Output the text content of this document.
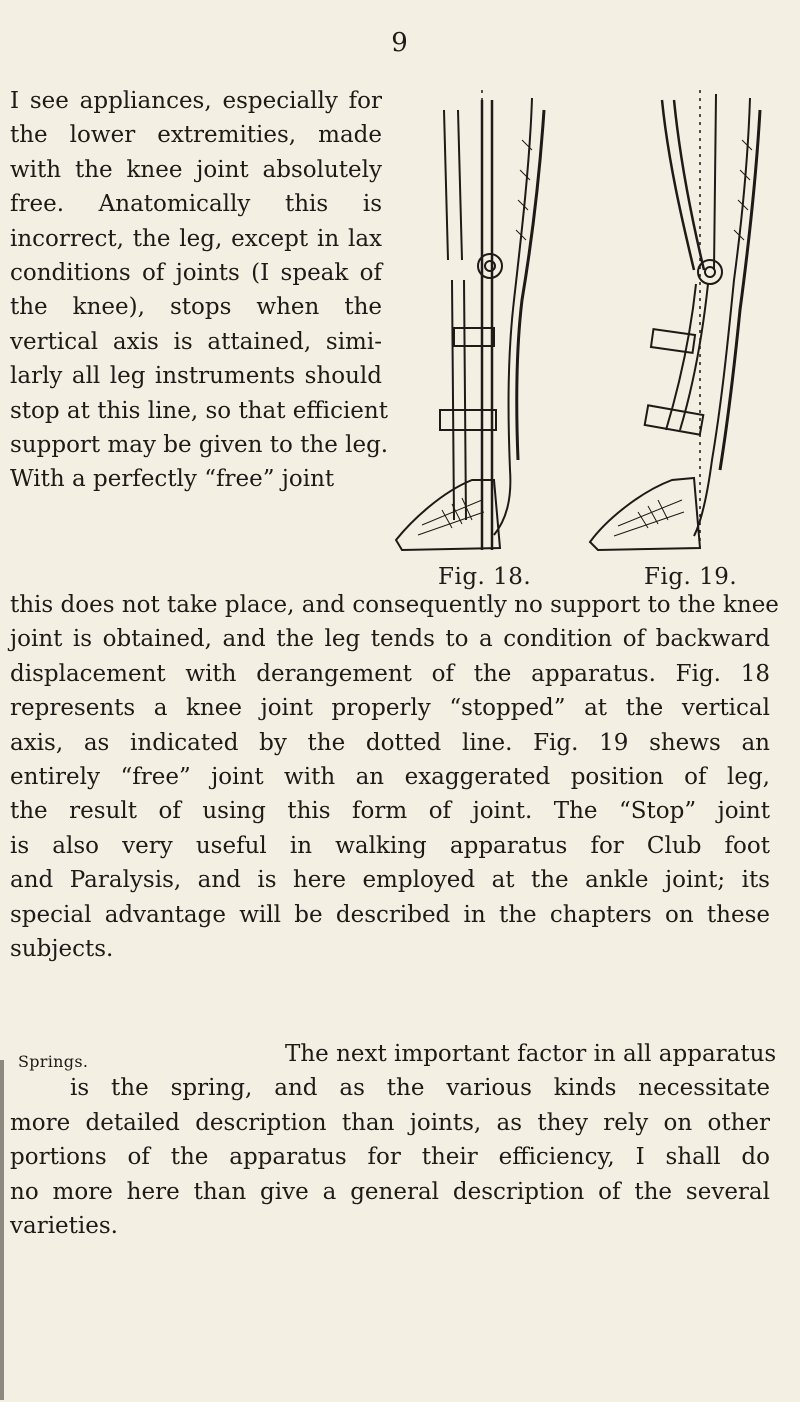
9
I see appliances, especially for
the lower extremities, made
with the knee joint absolutely
free. Anatomically this is
incorrect, the leg, except in lax
conditions of joints (I speak of
the knee), stops when the
vertical axis is attained, simi-
larly all leg instruments should
stop at this line, so that efficient
support may be given to the leg.
With a perfectly “free” joint
Fig. 18.	Fig. 19.
this does not take place, and consequently no support to the knee
joint is obtained, and the leg tends to a condition of backward
displacement with derangement of the apparatus. Fig. 18
represents a knee joint properly “stopped” at the vertical
axis, as indicated by the dotted line. Fig. 19 shews an
entirely “free” joint with an exaggerated position of leg,
the result of using this form of joint. The “Stop” joint
is also very useful in walking apparatus for Club foot
and Paralysis, and is here employed at the ankle joint; its
special advantage will be described in the chapters on these
subjects.
Springs.	The next important factor in all apparatus
is the spring, and as the various kinds necessitate
more detailed description than joints, as they rely on other
portions of the apparatus for their efficiency, I shall do
no more here than give a general description of the several
varieties.
